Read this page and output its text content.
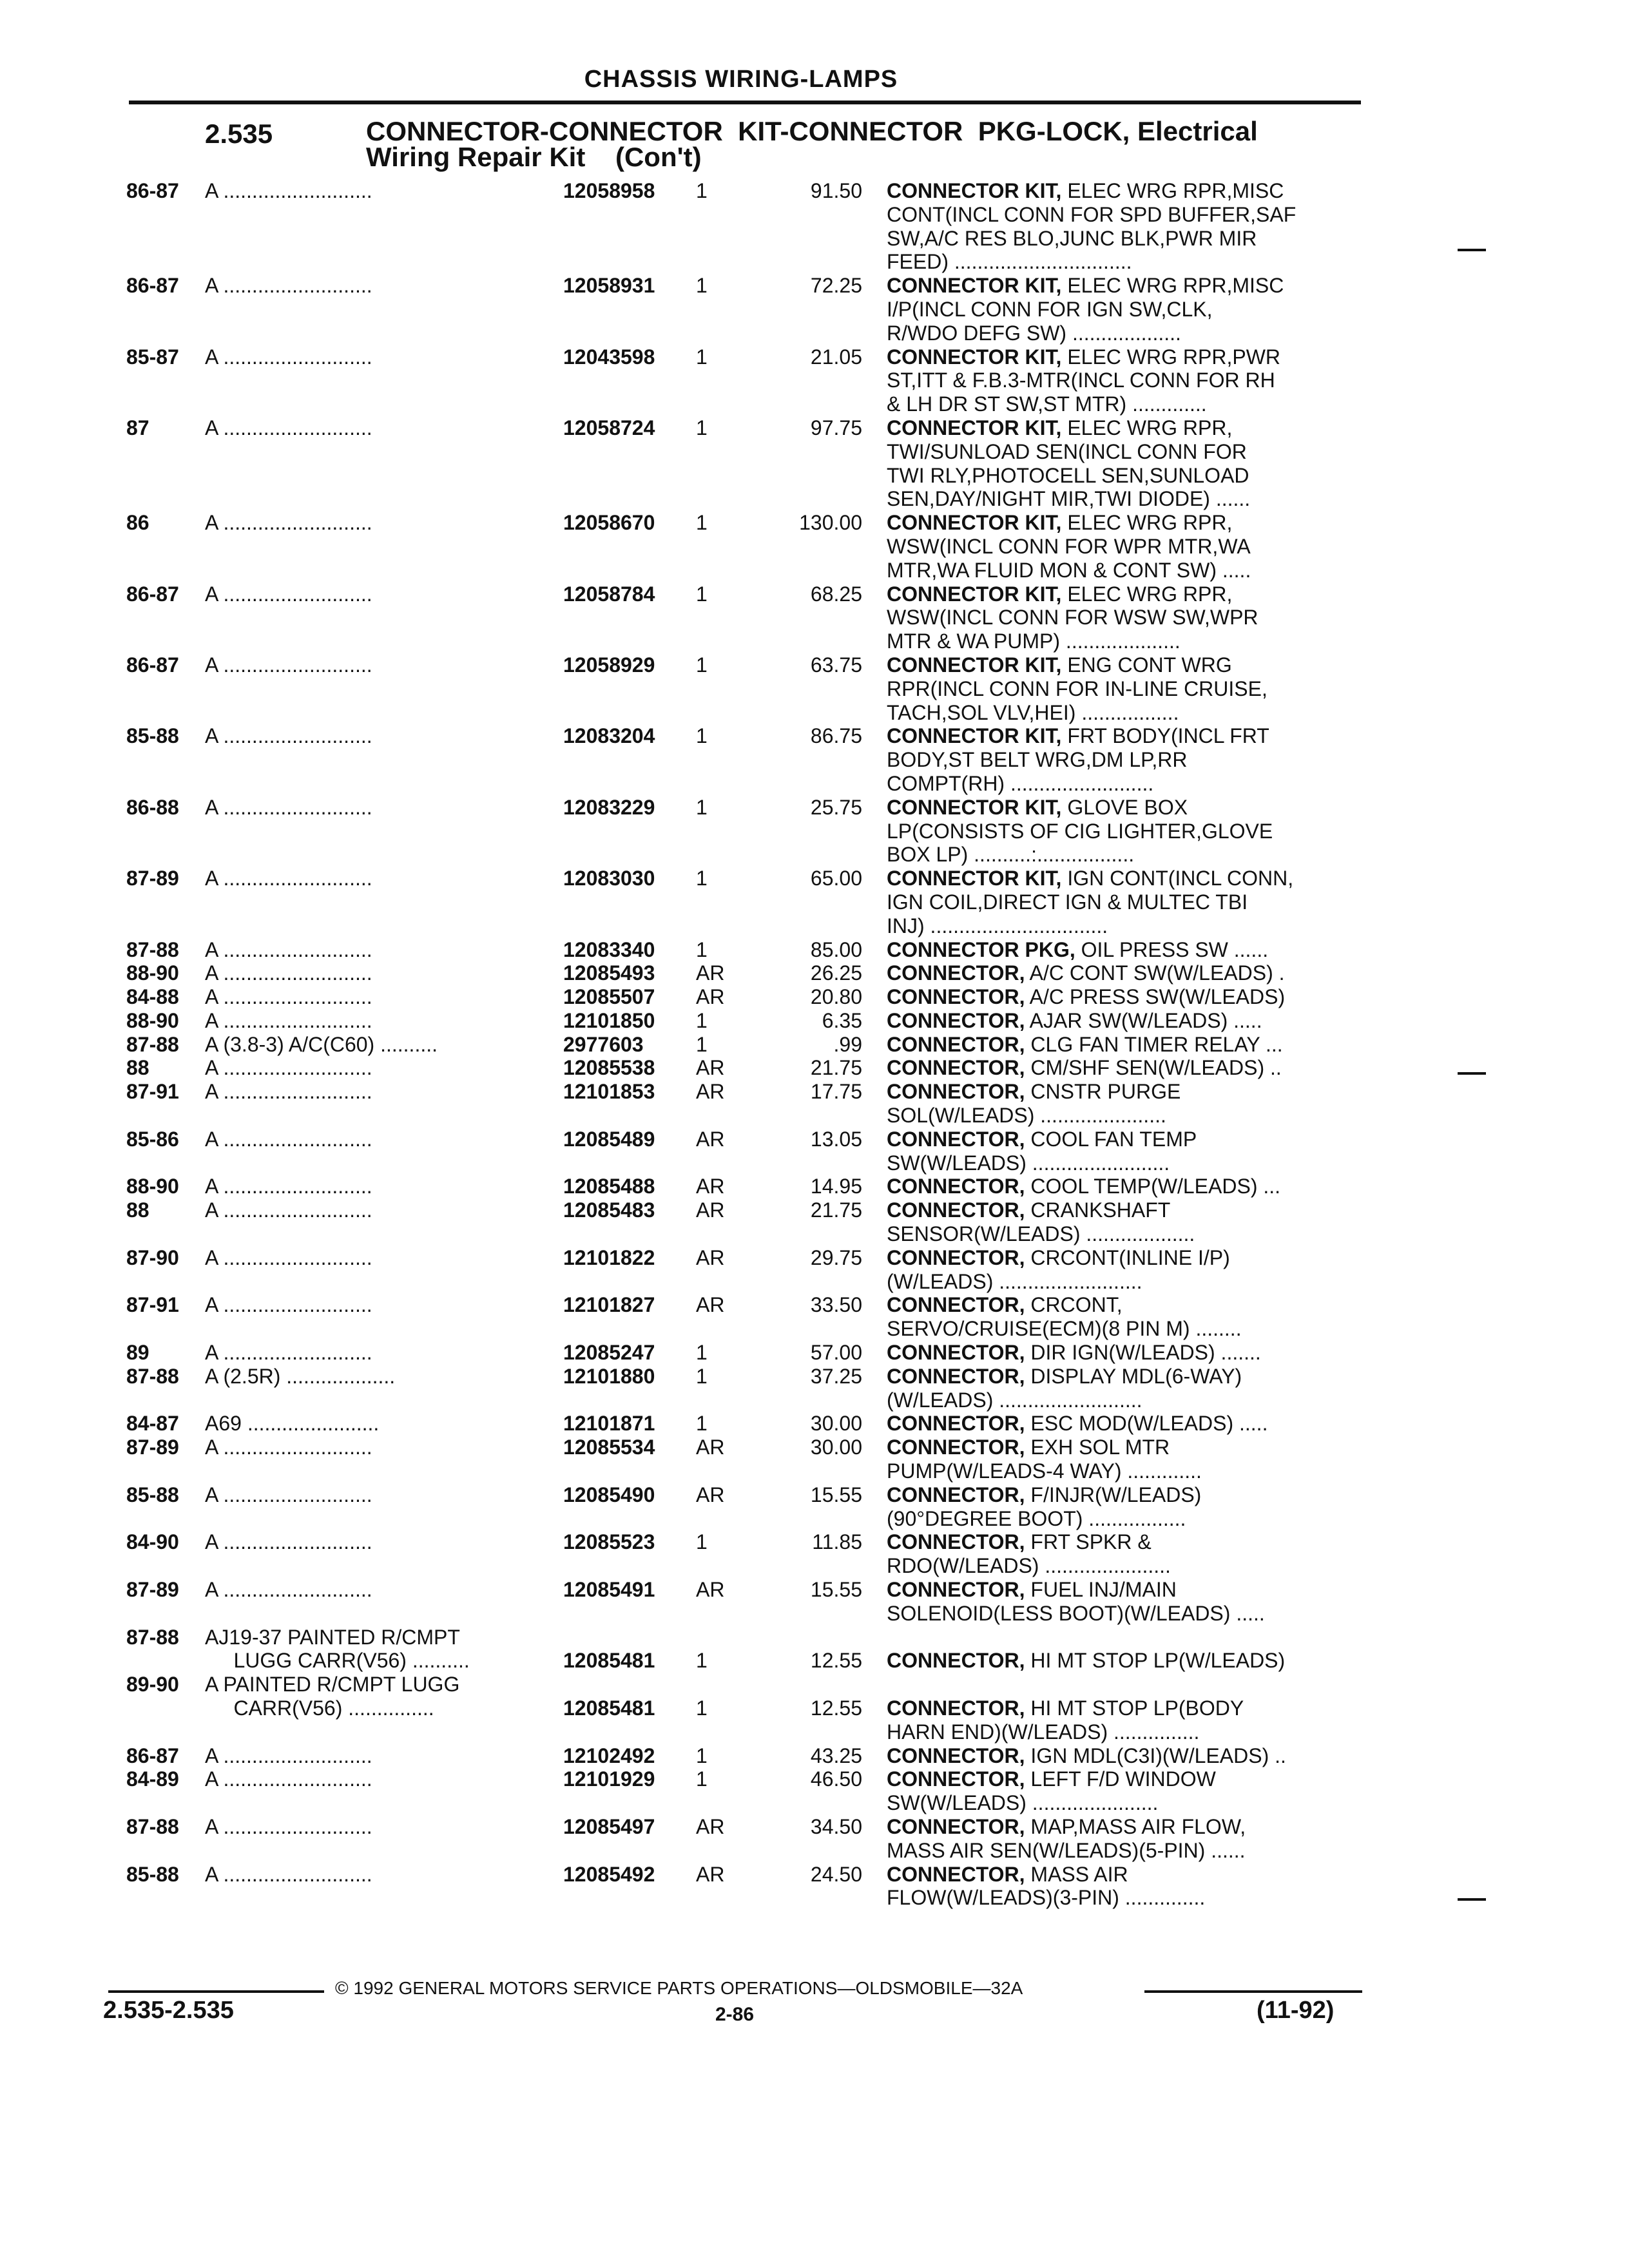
CHASSIS WIRING-LAMPS
2.535	CONNECTOR-CONNECTOR  KIT-CONNECTOR  PKG-LOCK, Electrical
Wiring Repair Kit    (Con't)
86-87 A ..........................	12058958 1	91.50 CONNECTOR KIT, ELEC WRG RPR,MISC
CONT(INCL CONN FOR SPD BUFFER,SAF
SW,A/C RES BLO,JUNC BLK,PWR MIR
FEED) ...............................
86-87 A ..........................	12058931 1	72.25 CONNECTOR KIT, ELEC WRG RPR,MISC
I/P(INCL CONN FOR IGN SW,CLK,
R/WDO DEFG SW) ...................
85-87 A ..........................	12043598 1	21.05 CONNECTOR KIT, ELEC WRG RPR,PWR
ST,ITT & F.B.3-MTR(INCL CONN FOR RH
& LH DR ST SW,ST MTR) .............
87	A ..........................	12058724 1	97.75 CONNECTOR KIT, ELEC WRG RPR,
TWI/SUNLOAD SEN(INCL CONN FOR
TWI RLY,PHOTOCELL SEN,SUNLOAD
SEN,DAY/NIGHT MIR,TWI DIODE) ......
86	A ..........................	12058670 1	130.00 CONNECTOR KIT, ELEC WRG RPR,
WSW(INCL CONN FOR WPR MTR,WA
MTR,WA FLUID MON & CONT SW) .....
86-87 A ..........................	12058784 1	68.25 CONNECTOR KIT, ELEC WRG RPR,
WSW(INCL CONN FOR WSW SW,WPR
MTR & WA PUMP) ....................
86-87 A ..........................	12058929 1	63.75 CONNECTOR KIT, ENG CONT WRG
RPR(INCL CONN FOR IN-LINE CRUISE,
TACH,SOL VLV,HEI) .................
85-88 A ..........................	12083204 1	86.75 CONNECTOR KIT, FRT BODY(INCL FRT
BODY,ST BELT WRG,DM LP,RR
COMPT(RH) .........................
86-88 A ..........................	12083229 1	25.75 CONNECTOR KIT, GLOVE BOX
LP(CONSISTS OF CIG LIGHTER,GLOVE
BOX LP) ..........:.................
87-89 A ..........................	12083030 1	65.00 CONNECTOR KIT, IGN CONT(INCL CONN,
IGN COIL,DIRECT IGN & MULTEC TBI
INJ) ...............................
87-88 A ..........................	12083340 1	85.00 CONNECTOR PKG, OIL PRESS SW ......
88-90 A ..........................	12085493 AR	26.25 CONNECTOR, A/C CONT SW(W/LEADS) .
84-88 A ..........................	12085507 AR	20.80 CONNECTOR, A/C PRESS SW(W/LEADS)
88-90 A ..........................	12101850 1	6.35 CONNECTOR, AJAR SW(W/LEADS) .....
87-88 A (3.8-3) A/C(C60) ..........	2977603	1	.99 CONNECTOR, CLG FAN TIMER RELAY ...
88	A ..........................	12085538 AR	21.75 CONNECTOR, CM/SHF SEN(W/LEADS) ..
87-91 A ..........................	12101853 AR	17.75 CONNECTOR, CNSTR PURGE
SOL(W/LEADS) ......................
85-86 A ..........................	12085489 AR	13.05 CONNECTOR, COOL FAN TEMP
SW(W/LEADS) ........................
88-90 A ..........................	12085488 AR	14.95 CONNECTOR, COOL TEMP(W/LEADS) ...
88	A ..........................	12085483 AR	21.75 CONNECTOR, CRANKSHAFT
SENSOR(W/LEADS) ...................
87-90 A ..........................	12101822 AR	29.75 CONNECTOR, CRCONT(INLINE I/P)
(W/LEADS) .........................
87-91 A ..........................	12101827 AR	33.50 CONNECTOR, CRCONT,
SERVO/CRUISE(ECM)(8 PIN M) ........
89	A ..........................	12085247 1	57.00 CONNECTOR, DIR IGN(W/LEADS) .......
87-88 A (2.5R) ...................	12101880 1	37.25 CONNECTOR, DISPLAY MDL(6-WAY)
(W/LEADS) .........................
84-87 A69 .......................	12101871 1	30.00 CONNECTOR, ESC MOD(W/LEADS) .....
87-89 A ..........................	12085534 AR	30.00 CONNECTOR, EXH SOL MTR
PUMP(W/LEADS-4 WAY) .............
85-88 A ..........................	12085490 AR	15.55 CONNECTOR, F/INJR(W/LEADS)
(90°DEGREE BOOT) .................
84-90 A ..........................	12085523 1	11.85 CONNECTOR, FRT SPKR &
RDO(W/LEADS) ......................
87-89 A ..........................	12085491 AR	15.55 CONNECTOR, FUEL INJ/MAIN
SOLENOID(LESS BOOT)(W/LEADS) .....
87-88 AJ19-37 PAINTED R/CMPT
LUGG CARR(V56) ..........	12085481 1	12.55 CONNECTOR, HI MT STOP LP(W/LEADS)
89-90 A PAINTED R/CMPT LUGG
CARR(V56) ...............	12085481 1	12.55 CONNECTOR, HI MT STOP LP(BODY
HARN END)(W/LEADS) ...............
86-87 A ..........................	12102492 1	43.25 CONNECTOR, IGN MDL(C3I)(W/LEADS) ..
84-89 A ..........................	12101929 1	46.50 CONNECTOR, LEFT F/D WINDOW
SW(W/LEADS) ......................
87-88 A ..........................	12085497 AR	34.50 CONNECTOR, MAP,MASS AIR FLOW,
MASS AIR SEN(W/LEADS)(5-PIN) ......
85-88 A ..........................	12085492 AR	24.50 CONNECTOR, MASS AIR
FLOW(W/LEADS)(3-PIN) ..............
© 1992 GENERAL MOTORS SERVICE PARTS OPERATIONS—OLDSMOBILE—32A
2.535-2.535	2-86	(11-92)
